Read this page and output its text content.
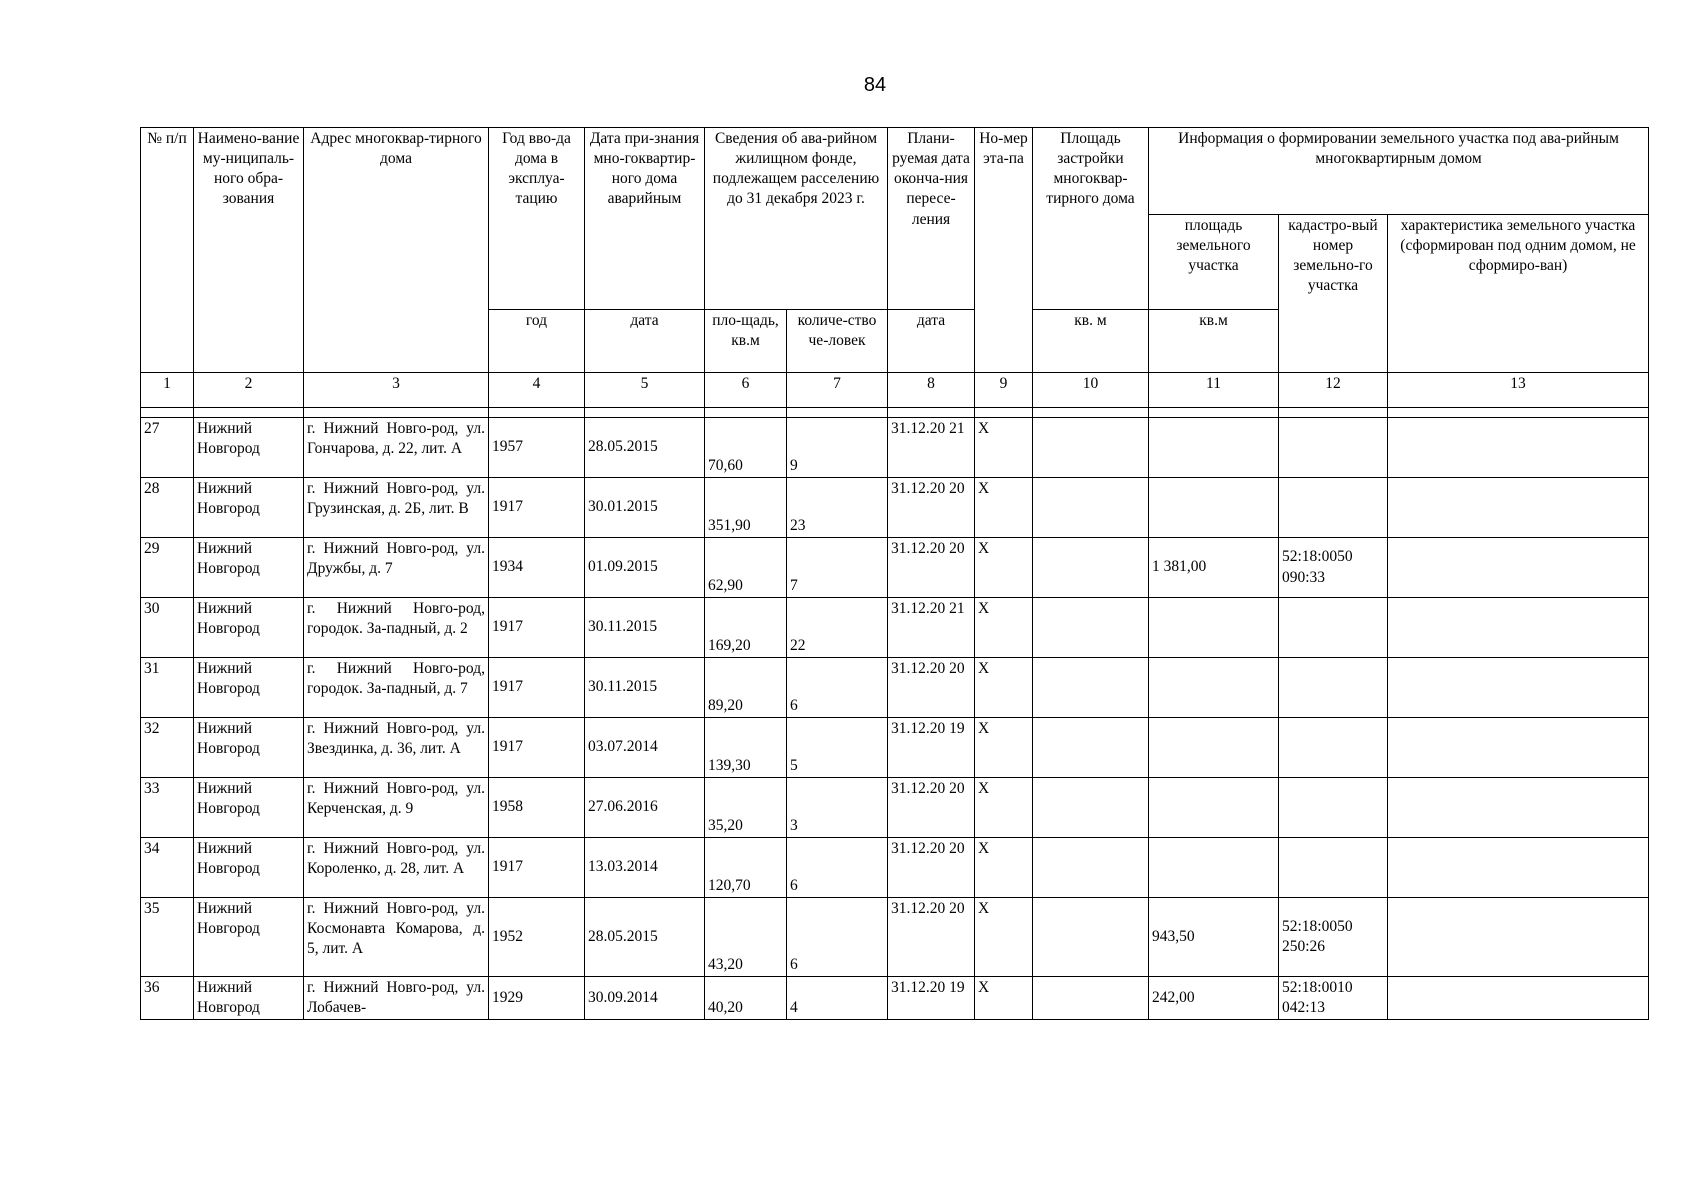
84
№ п/п	Наимено-вание му-ниципаль-ного обра-зования	Адрес многоквар-тирного дома	Год вво-да дома в эксплуа-тацию	Дата при-знания мно-гоквартир-ного дома аварийным	Сведения об ава-рийном жилищном фонде, подлежащем расселению до 31 декабря 2023 г.		Плани-руемая дата оконча-ния пересе-ления	Но-мер эта-па	Площадь застройки многоквар-тирного дома	Информация о формировании земельного участка под ава-рийным многоквартирным домом		
										площадь земельного участка	кадастро-вый номер земельно-го участка	характеристика земельного участка (сформирован под одним домом, не сформиро-ван)
			год	дата	пло-щадь, кв.м	количе-ство че-ловек	дата		кв. м	кв.м		
1	2	3	4	5	6	7	8	9	10	11	12	13

27	Нижний Новгород	г. Нижний Новго-род, ул. Гончарова, д. 22, лит. А	1957	28.05.2015	70,60	9	31.12.20 21	X				
28	Нижний Новгород	г. Нижний Новго-род, ул. Грузинская, д. 2Б, лит. В	1917	30.01.2015	351,90	23	31.12.20 20	X				
29	Нижний Новгород	г. Нижний Новго-род, ул. Дружбы, д. 7	1934	01.09.2015	62,90	7	31.12.20 20	X		1 381,00	52:18:0050 090:33	
30	Нижний Новгород	г. Нижний Новго-род, городок. За-падный, д. 2	1917	30.11.2015	169,20	22	31.12.20 21	X				
31	Нижний Новгород	г. Нижний Новго-род, городок. За-падный, д. 7	1917	30.11.2015	89,20	6	31.12.20 20	X				
32	Нижний Новгород	г. Нижний Новго-род, ул. Звездинка, д. 36, лит. А	1917	03.07.2014	139,30	5	31.12.20 19	X				
33	Нижний Новгород	г. Нижний Новго-род, ул. Керченская, д. 9	1958	27.06.2016	35,20	3	31.12.20 20	X				
34	Нижний Новгород	г. Нижний Новго-род, ул. Короленко, д. 28, лит. А	1917	13.03.2014	120,70	6	31.12.20 20	X				
35	Нижний Новгород	г. Нижний Новго-род, ул. Космонавта Комарова, д. 5, лит. А	1952	28.05.2015	43,20	6	31.12.20 20	X		943,50	52:18:0050 250:26	
36	Нижний Новгород	г. Нижний Новго-род, ул. Лобачев-	1929	30.09.2014	40,20	4	31.12.20 19	X		242,00	52:18:0010 042:13	
